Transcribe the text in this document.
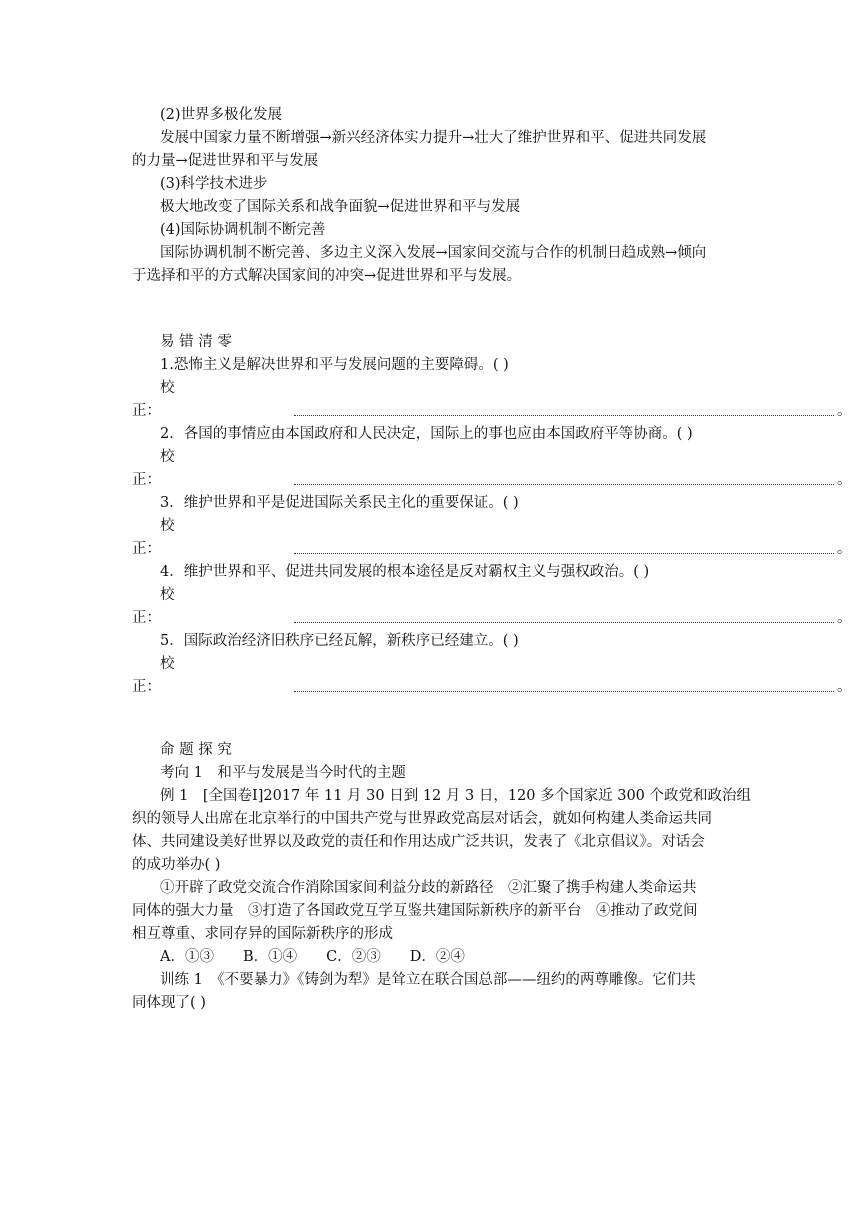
(2)世界多极化发展
发展中国家力量不断增强→新兴经济体实力提升→壮大了维护世界和平、促进共同发展
的力量→促进世界和平与发展
(3)科学技术进步
极大地改变了国际关系和战争面貌→促进世界和平与发展
(4)国际协调机制不断完善
国际协调机制不断完善、多边主义深入发展→国家间交流与合作的机制日趋成熟→倾向
于选择和平的方式解决国家间的冲突→促进世界和平与发展。
易 错 清 零
1.恐怖主义是解决世界和平与发展问题的主要障碍。( )
校
正：	。
2．各国的事情应由本国政府和人民决定，国际上的事也应由本国政府平等协商。( )
校
正：	。
3．维护世界和平是促进国际关系民主化的重要保证。( )
校
正：	。
4．维护世界和平、促进共同发展的根本途径是反对霸权主义与强权政治。( )
校
正：	。
5．国际政治经济旧秩序已经瓦解，新秩序已经建立。( )
校
正：	。
命 题 探 究
考向 1　和平与发展是当今时代的主题
例 1　[全国卷Ⅰ]2017 年 11 月 30 日到 12 月 3 日，120 多个国家近 300 个政党和政治组
织的领导人出席在北京举行的中国共产党与世界政党高层对话会，就如何构建人类命运共同
体、共同建设美好世界以及政党的责任和作用达成广泛共识，发表了《北京倡议》。对话会
的成功举办( )
①开辟了政党交流合作消除国家间利益分歧的新路径　②汇聚了携手构建人类命运共
同体的强大力量　③打造了各国政党互学互鉴共建国际新秩序的新平台　④推动了政党间
相互尊重、求同存异的国际新秩序的形成
A．①③　　B．①④　　C．②③　　D．②④
训练 1　《不要暴力》《铸剑为犁》是耸立在联合国总部——纽约的两尊雕像。它们共
同体现了( )
